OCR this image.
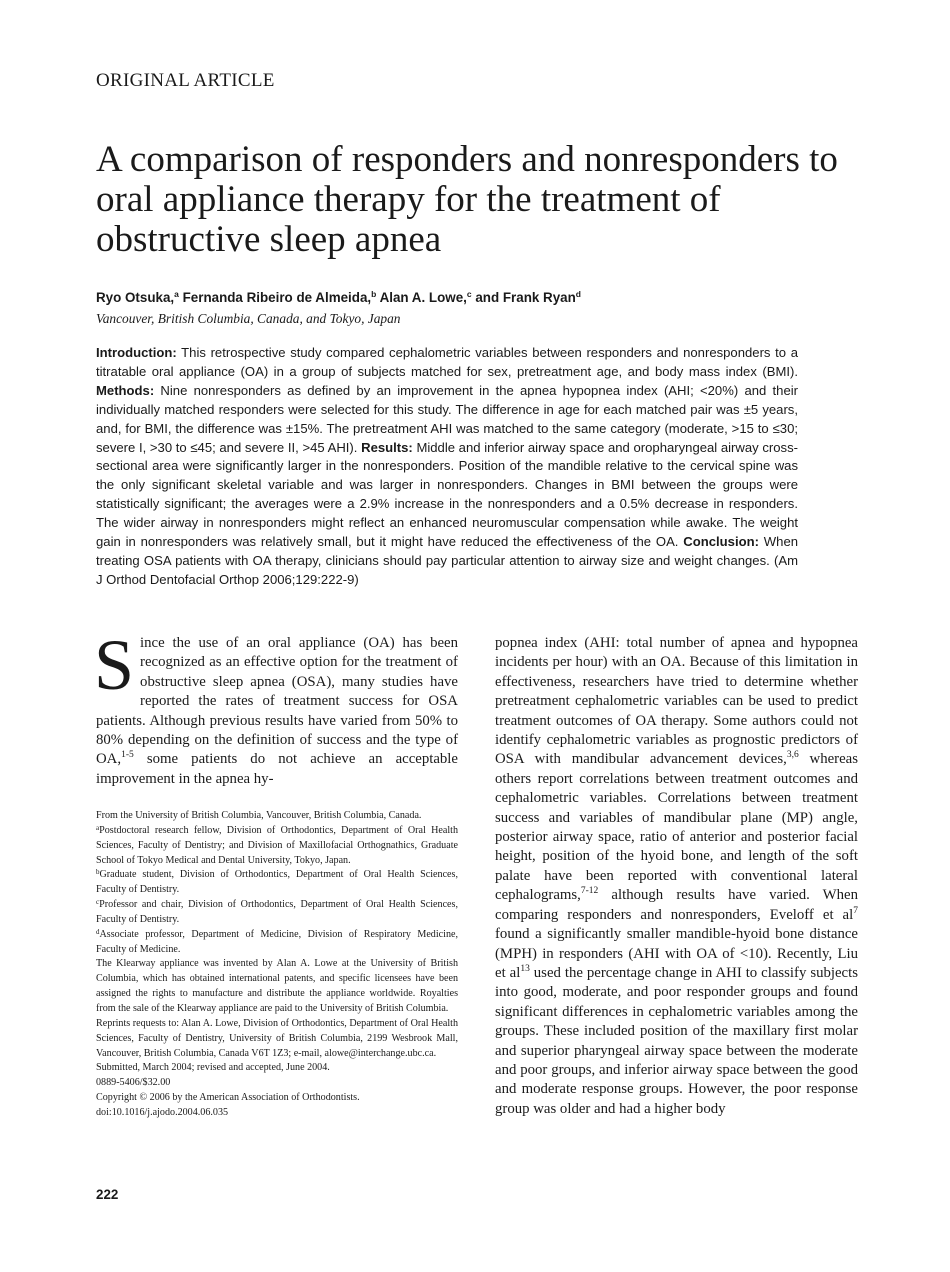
ORIGINAL ARTICLE
A comparison of responders and nonresponders to oral appliance therapy for the treatment of obstructive sleep apnea
Ryo Otsuka,$^a$ Fernanda Ribeiro de Almeida,$^b$ Alan A. Lowe,$^c$ and Frank Ryan$^d$
Vancouver, British Columbia, Canada, and Tokyo, Japan

Introduction: This retrospective study compared cephalometric variables between responders and nonresponders to a titratable oral appliance (OA) in a group of subjects matched for sex, pretreatment age, and body mass index (BMI). Methods: Nine nonresponders as defined by an improvement in the apnea hypopnea index (AHI; <20%) and their individually matched responders were selected for this study. The difference in age for each matched pair was ±5 years, and, for BMI, the difference was ±15%. The pretreatment AHI was matched to the same category (moderate, >15 to ≤30; severe I, >30 to ≤45; and severe II, >45 AHI). Results: Middle and inferior airway space and oropharyngeal airway cross-sectional area were significantly larger in the nonresponders. Position of the mandible relative to the cervical spine was the only significant skeletal variable and was larger in nonresponders. Changes in BMI between the groups were statistically significant; the averages were a 2.9% increase in the nonresponders and a 0.5% decrease in responders. The wider airway in nonresponders might reflect an enhanced neuromuscular compensation while awake. The weight gain in nonresponders was relatively small, but it might have reduced the effectiveness of the OA. Conclusion: When treating OSA patients with OA therapy, clinicians should pay particular attention to airway size and weight changes. (Am J Orthod Dentofacial Orthop 2006;129:222-9)

Since the use of an oral appliance (OA) has been recognized as an effective option for the treatment of obstructive sleep apnea (OSA), many studies have reported the rates of treatment success for OSA patients. Although previous results have varied from 50% to 80% depending on the definition of success and the type of OA,$^{1-5}$ some patients do not achieve an acceptable improvement in the apnea hy-

From the University of British Columbia, Vancouver, British Columbia, Canada.

$^a$Postdoctoral research fellow, Division of Orthodontics, Department of Oral Health Sciences, Faculty of Dentistry; and Division of Maxillofacial Orthognathics, Graduate School of Tokyo Medical and Dental University, Tokyo, Japan.

$^b$Graduate student, Division of Orthodontics, Department of Oral Health Sciences, Faculty of Dentistry.

$^c$Professor and chair, Division of Orthodontics, Department of Oral Health Sciences, Faculty of Dentistry.

$^d$Associate professor, Department of Medicine, Division of Respiratory Medicine, Faculty of Medicine.

The Klearway appliance was invented by Alan A. Lowe at the University of British Columbia, which has obtained international patents, and specific licensees have been assigned the rights to manufacture and distribute the appliance worldwide. Royalties from the sale of the Klearway appliance are paid to the University of British Columbia.

Reprints requests to: Alan A. Lowe, Division of Orthodontics, Department of Oral Health Sciences, Faculty of Dentistry, University of British Columbia, 2199 Wesbrook Mall, Vancouver, British Columbia, Canada V6T 1Z3; e-mail, alowe@interchange.ubc.ca.

Submitted, March 2004; revised and accepted, June 2004.

0889-5406/$32.00

Copyright © 2006 by the American Association of Orthodontists.

doi:10.1016/j.ajodo.2004.06.035

popnea index (AHI: total number of apnea and hypopnea incidents per hour) with an OA. Because of this limitation in effectiveness, researchers have tried to determine whether pretreatment cephalometric variables can be used to predict treatment outcomes of OA therapy. Some authors could not identify cephalometric variables as prognostic predictors of OSA with mandibular advancement devices,$^{3,6}$ whereas others report correlations between treatment outcomes and cephalometric variables. Correlations between treatment success and variables of mandibular plane (MP) angle, posterior airway space, ratio of anterior and posterior facial height, position of the hyoid bone, and length of the soft palate have been reported with conventional lateral cephalograms,$^{7-12}$ although results have varied. When comparing responders and nonresponders, Eveloff et $al^7$ found a significantly smaller mandible-hyoid bone distance (MPH) in responders (AHI with OA of <10). Recently, Liu et $al^{13}$ used the percentage change in AHI to classify subjects into good, moderate, and poor responder groups and found significant differences in cephalometric variables among the groups. These included position of the maxillary first molar and superior pharyngeal airway space between the moderate and poor groups, and inferior airway space between the good and moderate response groups. However, the poor response group was older and had a higher body

222
